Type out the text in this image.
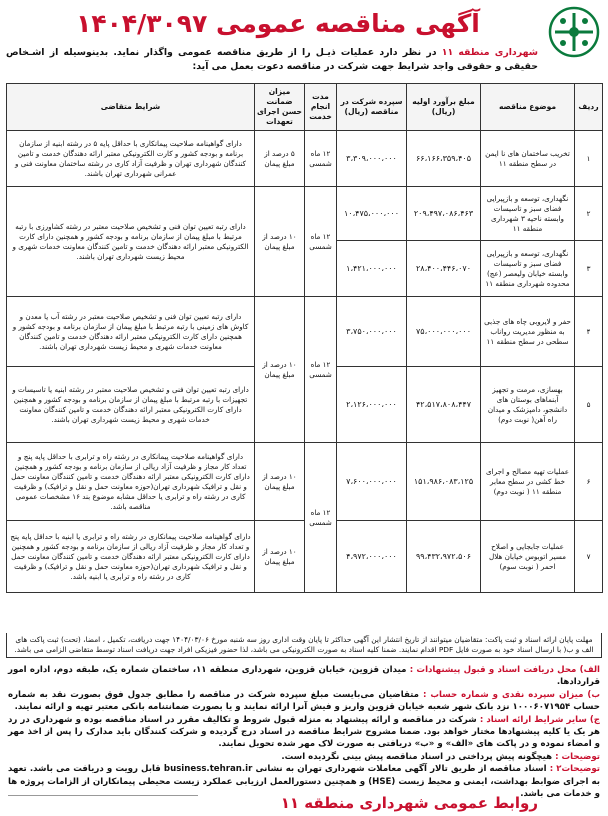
آگهی مناقصه عمومی ۱۴۰۴/۳۰۹۷
شهرداری منطقه ۱۱ در نظر دارد عملیات ذیـل را از طریق مناقصه عمومی واگذار نماید. بدینوسیله از اشـخاص حقیقی و حقوقی واجد شرایط جهت شرکت در مناقصه دعوت بعمل می آید:
ردیف	موضوع مناقصه	مبلغ برآورد اولیه (ریال)	سپرده شرکت در مناقصه (ریال)	مدت انجام خدمت	میزان ضمانت حسن اجرای تعهدات	شرایط متقاضی
۱	تخریب ساختمان های نا ایمن در سطح منطقه ۱۱	۶۶،۱۶۶،۳۵۹،۴۰۵	۳،۳۰۹،۰۰۰،۰۰۰	۱۲ ماه شمسی	۵ درصد از مبلغ پیمان	دارای گواهینامه صلاحیت پیمانکاری با حداقل پایه ۵ در رشته ابنیه از سازمان برنامه و بودجه کشور و کارت الکترونیکی معتبر ارائه دهندگان خدمت و تامین کنندگان شهرداری تهران و ظرفیت آزاد کاری در رشته ساختمان معاونت فنی و عمرانی شهرداری تهران باشند.
۲	نگهداری، توسعه و بازپیرایی فضای سبز و تاسیسات وابسته ناحیه ۳ شهرداری منطقه ۱۱	۲۰۹،۴۹۷،۰۸۶،۴۶۳	۱۰،۴۷۵،۰۰۰،۰۰۰	۱۲ ماه شمسی	۱۰ درصد از مبلغ پیمان	دارای رتبه تعیین توان فنی و تشخیص صلاحیت معتبر در رشته کشاورزی با رتبه مرتبط با مبلغ پیمان از سازمان برنامه و بودجه کشور و همچنین دارای کارت الکترونیکی معتبر ارائه دهندگان خدمت و تامین کنندگان معاونت خدمات شهری و محیط زیست شهرداری تهران باشند.
۳	نگهداری، توسعه و بازپیرایی فضای سبز و تاسیسات وابسته خیابان ولیعصر (عج) محدوده شهرداری منطقه ۱۱	۲۸،۴۰۰،۴۴۶،۰۷۰	۱،۴۲۱،۰۰۰،۰۰۰			
۴	حفر و لایروبی چاه های جذبی به منظور مدیریت رواناب سطحی در سطح منطقه ۱۱	۷۵،۰۰۰،۰۰۰،۰۰۰	۳،۷۵۰،۰۰۰،۰۰۰	۱۲ ماه شمسی	۱۰ درصد از مبلغ پیمان	دارای رتبه تعیین توان فنی و تشخیص صلاحیت معتبر در رشته آب یا معدن و کاوش های زمینی با رتبه مرتبط با مبلغ پیمان از سازمان برنامه و بودجه کشور و همچنین دارای کارت الکترونیکی معتبر ارائه دهندگان خدمت و تامین کنندگان معاونت خدمات شهری و محیط زیست شهرداری تهران باشند.
۵	بهسازی، مرمت و تجهیز آبنماهای بوستان های دانشجو، دامپزشک و میدان راه آهن( نوبت دوم)	۴۲،۵۱۷،۸۰۸،۴۴۷	۲،۱۲۶،۰۰۰،۰۰۰			دارای رتبه تعیین توان فنی و تشخیص صلاحیت معتبر در رشته ابنیه یا تاسیسات و تجهیزات با رتبه مرتبط با مبلغ پیمان از سازمان برنامه و بودجه کشور و همچنین دارای کارت الکترونیکی معتبر ارائه دهندگان خدمت و تامین کنندگان معاونت خدمات شهری و محیط زیست شهرداری تهران باشند.
۶	عملیات تهیه مصالح و اجرای خط کشی در سطح معابر منطقه ۱۱ ( نوبت دوم)	۱۵۱،۹۸۶،۰۸۳،۱۲۵	۷،۶۰۰،۰۰۰،۰۰۰	۱۲ ماه شمسی	۱۰ درصد از مبلغ پیمان	دارای گواهینامه صلاحیت پیمانکاری در رشته راه و ترابری با حداقل پایه پنج و تعداد کار مجاز و ظرفیت آزاد ریالی از سازمان برنامه و بودجه کشور و همچنین دارای کارت الکترونیکی معتبر ارائه دهندگان خدمت و تامین کنندگان معاونت حمل و نقل و ترافیک شهرداری تهران(حوزه معاونت حمل و نقل و ترافیک) و ظرفیت کاری در رشته راه و ترابری یا حداقل مشابه موضوع بند ۱۶ مشخصات عمومی مناقصه باشد.
۷	عملیات جابجایی و اصلاح مسیر اتوبوس خیابان هلال احمر ( نوبت سوم)	۹۹،۴۳۲،۹۷۲،۵۰۶	۴،۹۷۲،۰۰۰،۰۰۰		۱۰ درصد از مبلغ پیمان	دارای گواهینامه صلاحیت پیمانکاری در رشته راه و ترابری یا ابنیه با حداقل پایه پنج و تعداد کار مجاز و ظرفیت آزاد ریالی از سازمان برنامه و بودجه کشور و همچنین دارای کارت الکترونیکی معتبر ارائه دهندگان خدمت و تامین کنندگان معاونت حمل و نقل و ترافیک شهرداری تهران(حوزه معاونت حمل و نقل و ترافیک) و ظرفیت کاری در رشته راه و ترابری یا ابنیه باشد.
مهلت پایان ارائه اسناد و ثبت پاکت: متقاضیان میتوانند از تاریخ انتشار این آگهی حداکثر تا پایان وقت اداری روز سه شنبه مورخ ۱۴۰۴/۰۳/۰۶ جهت دریافت، تکمیل ، امضا، (تحت) ثبت پاکت های الف و ب( با ارسال اسناد خود به صورت فایل PDF اقدام نمایند. ضمنا کلیه اسناد به صورت الکترونیکی می باشد، لذا حضور فیزیکی افراد جهت دریافت اسناد توسط متقاضی الزامی می باشد.

الف) محل دریافت اسناد و قبول پیشنهادات : میدان قزوین، خیابان قزوین، شهرداری منطقه ۱۱، ساختمان شماره یک، طبقه دوم، اداره امور قراردادها.

ب) میزان سپرده نقدی و شماره حساب : متقاضیان می‌بایست مبلغ سپرده شرکت در مناقصه را مطابق جدول فوق بصورت نقد به شماره حساب ۱۰۰۰۶۰۷۱۹۵۴ نزد بانک شهر شعبه خیابان قزوین واریز و فیش آنرا ارائه نمایند و یا بصورت ضمانتنامه بانکی معتبر تهیه و ارائه نمایند.

ج) سایر شرایط ارائه اسناد : شرکت در مناقصه و ارائه پیشنهاد به منزله قبول شروط و تکالیف مقرر در اسناد مناقصه بوده و شهرداری در رد هر یک یا کلیه پیشنهادها مختار خواهد بود. ضمنا مشروح شرایط مناقصه در اسناد درج گردیده و شرکت کنندگان باید مدارک را پس از اخذ مهر و امضاء نموده و در پاکت های «الف» و «ب» دریافتی به صورت لاک مهر شده تحویل نمایند.

توضیحات : هیچگونه پیش پرداختی در اسناد مناقصه پیش بینی نگردیده است.

توضیحات۲ : اسناد مناقصه از طریق تالار آگهی معاملات شهرداری تهران به نشانی business.tehran.ir قابل رویت و دریافت می باشد. تعهد به اجرای ضوابط بهداشت، ایمنی و محیط زیست (HSE) و همچنین دستورالعمل ارزیابی عملکرد زیست محیطی پیمانکاران از الزامات پروژه ها و خدمات می باشد.

روابط عمومی شهرداری منطقه ۱۱
